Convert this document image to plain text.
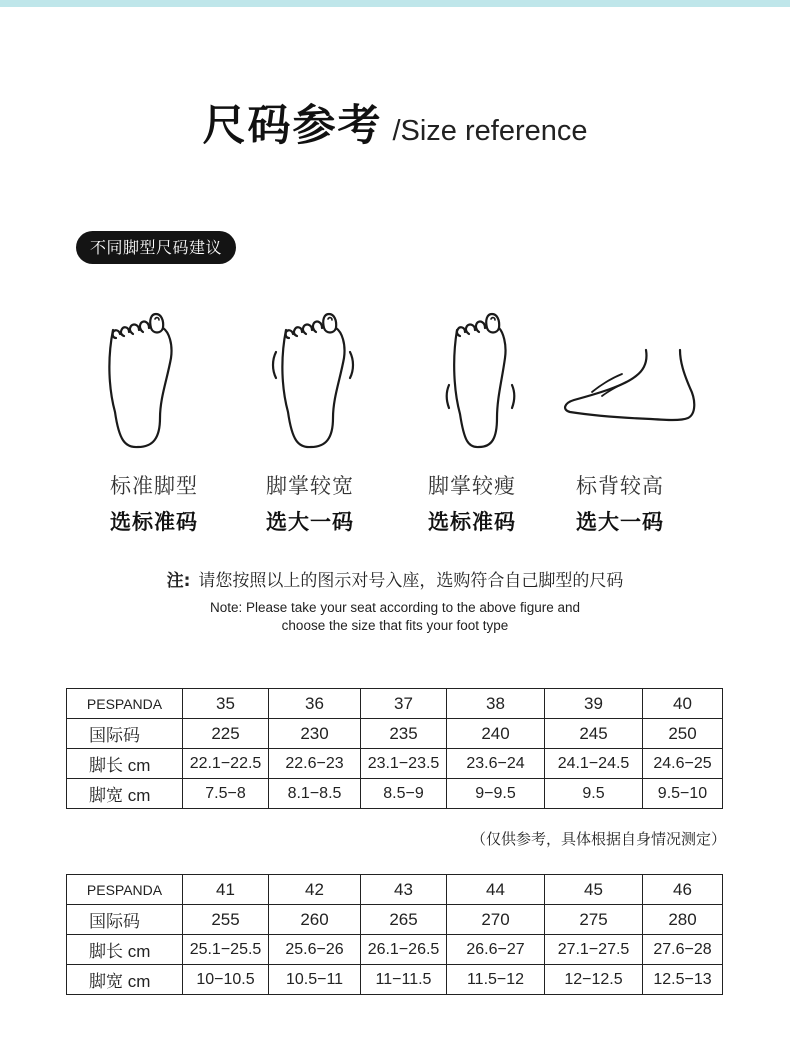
尺码参考 /Size reference
不同脚型尺码建议
标准脚型	脚掌较宽	脚掌较瘦	标背较高
选标准码	选大一码	选标准码	选大一码
注: 请您按照以上的图示对号入座，选购符合自己脚型的尺码
Note: Please take your seat according to the above figure and
choose the size that fits your foot type
PESPANDA	35	36	37	38	39	40
国际码	225	230	235	240	245	250
脚长 cm	22.1−22.5	22.6−23	23.1−23.5	23.6−24	24.1−24.5	24.6−25
脚宽 cm	7.5−8	8.1−8.5	8.5−9	9−9.5	9.5	9.5−10
（仅供参考，具体根据自身情况测定）
PESPANDA	41	42	43	44	45	46
国际码	255	260	265	270	275	280
脚长 cm	25.1−25.5	25.6−26	26.1−26.5	26.6−27	27.1−27.5	27.6−28
脚宽 cm	10−10.5	10.5−11	11−11.5	11.5−12	12−12.5	12.5−13
